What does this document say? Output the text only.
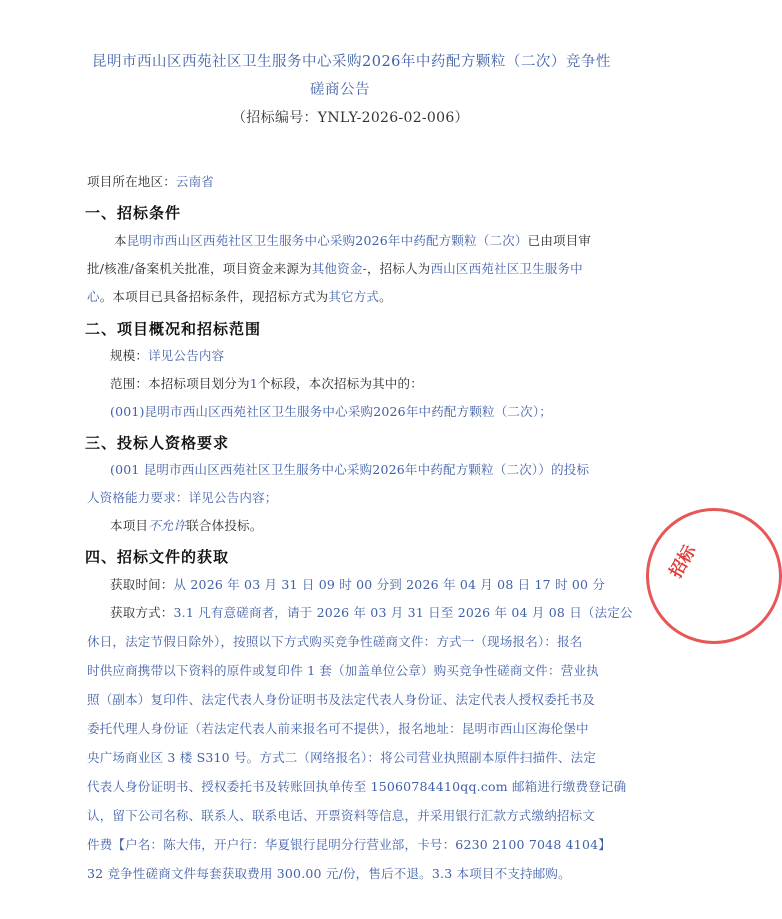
昆明市西山区西苑社区卫生服务中心采购2026年中药配方颗粒（二次）竞争性
磋商公告
（招标编号：YNLY-2026-02-006）
项目所在地区：云南省
一、招标条件
本昆明市西山区西苑社区卫生服务中心采购2026年中药配方颗粒（二次）已由项目审
批/核准/备案机关批准，项目资金来源为其他资金-，招标人为西山区西苑社区卫生服务中
心。本项目已具备招标条件，现招标方式为其它方式。
二、项目概况和招标范围
规模：详见公告内容
范围：本招标项目划分为1个标段，本次招标为其中的：
(001)昆明市西山区西苑社区卫生服务中心采购2026年中药配方颗粒（二次）；
三、投标人资格要求
(001 昆明市西山区西苑社区卫生服务中心采购2026年中药配方颗粒（二次））的投标
人资格能力要求：详见公告内容；
本项目不允许联合体投标。
四、招标文件的获取
获取时间：从 2026 年 03 月 31 日 09 时 00 分到 2026 年 04 月 08 日 17 时 00 分
获取方式：3.1 凡有意磋商者，请于 2026 年 03 月 31 日至 2026 年 04 月 08 日（法定公
休日，法定节假日除外），按照以下方式购买竞争性磋商文件：方式一（现场报名）：报名
时供应商携带以下资料的原件或复印件 1 套（加盖单位公章）购买竞争性磋商文件：营业执
照（副本）复印件、法定代表人身份证明书及法定代表人身份证、法定代表人授权委托书及
委托代理人身份证（若法定代表人前来报名可不提供），报名地址：昆明市西山区海伦堡中
央广场商业区 3 楼 S310 号。方式二（网络报名）：将公司营业执照副本原件扫描件、法定
代表人身份证明书、授权委托书及转账回执单传至 15060784410qq.com 邮箱进行缴费登记确
认，留下公司名称、联系人、联系电话、开票资料等信息，并采用银行汇款方式缴纳招标文
件费【户名：陈大伟，开户行：华夏银行昆明分行营业部，卡号：6230 2100 7048 4104】
32 竞争性磋商文件每套获取费用 300.00 元/份，售后不退。3.3 本项目不支持邮购。
招标
